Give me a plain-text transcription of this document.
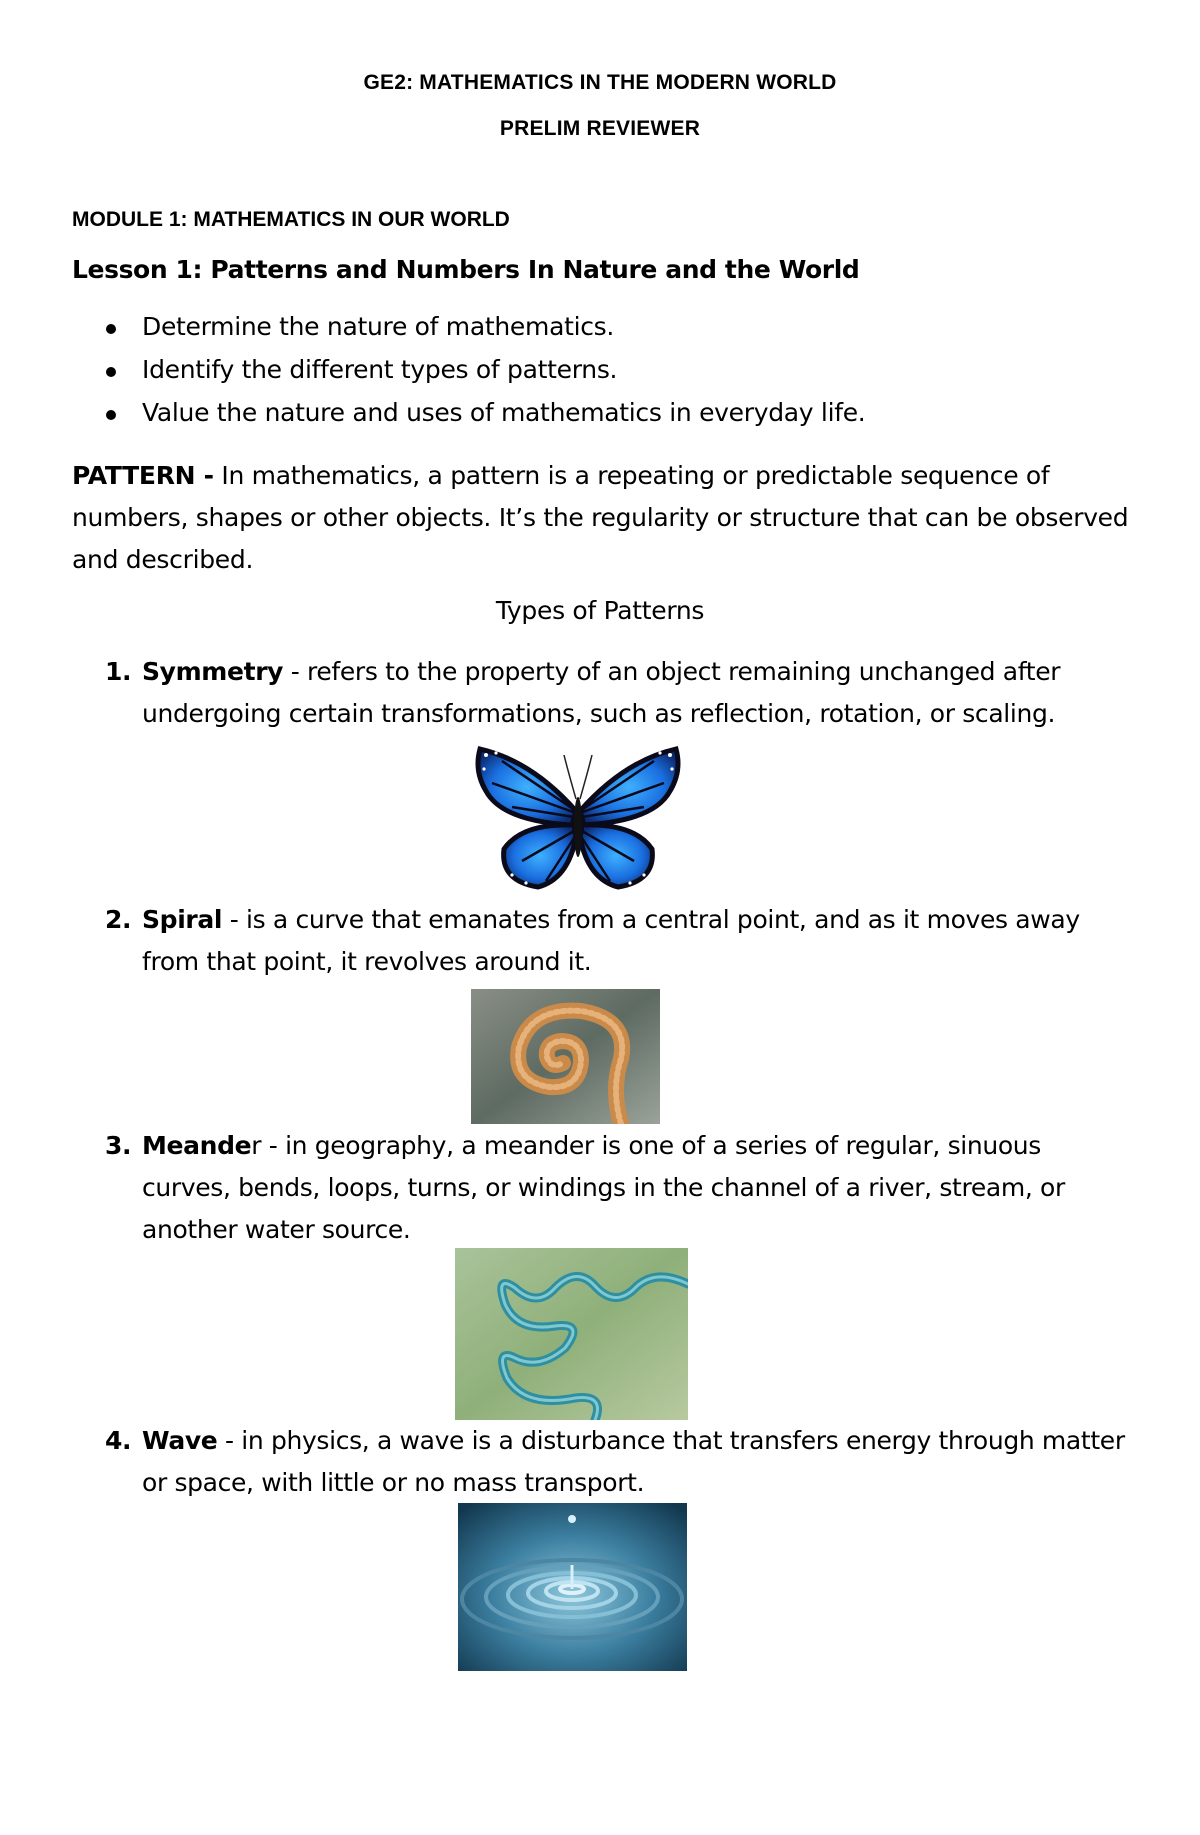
GE2: MATHEMATICS IN THE MODERN WORLD
PRELIM REVIEWER
MODULE 1: MATHEMATICS IN OUR WORLD
Lesson 1: Patterns and Numbers In Nature and the World
Determine the nature of mathematics.
Identify the different types of patterns.
Value the nature and uses of mathematics in everyday life.
PATTERN - In mathematics, a pattern is a repeating or predictable sequence of numbers, shapes or other objects. It’s the regularity or structure that can be observed and described.
Types of Patterns
1. Symmetry - refers to the property of an object remaining unchanged after undergoing certain transformations, such as reflection, rotation, or scaling.
2. Spiral - is a curve that emanates from a central point, and as it moves away from that point, it revolves around it.
3. Meander - in geography, a meander is one of a series of regular, sinuous curves, bends, loops, turns, or windings in the channel of a river, stream, or another water source.
4. Wave - in physics, a wave is a disturbance that transfers energy through matter or space, with little or no mass transport.
